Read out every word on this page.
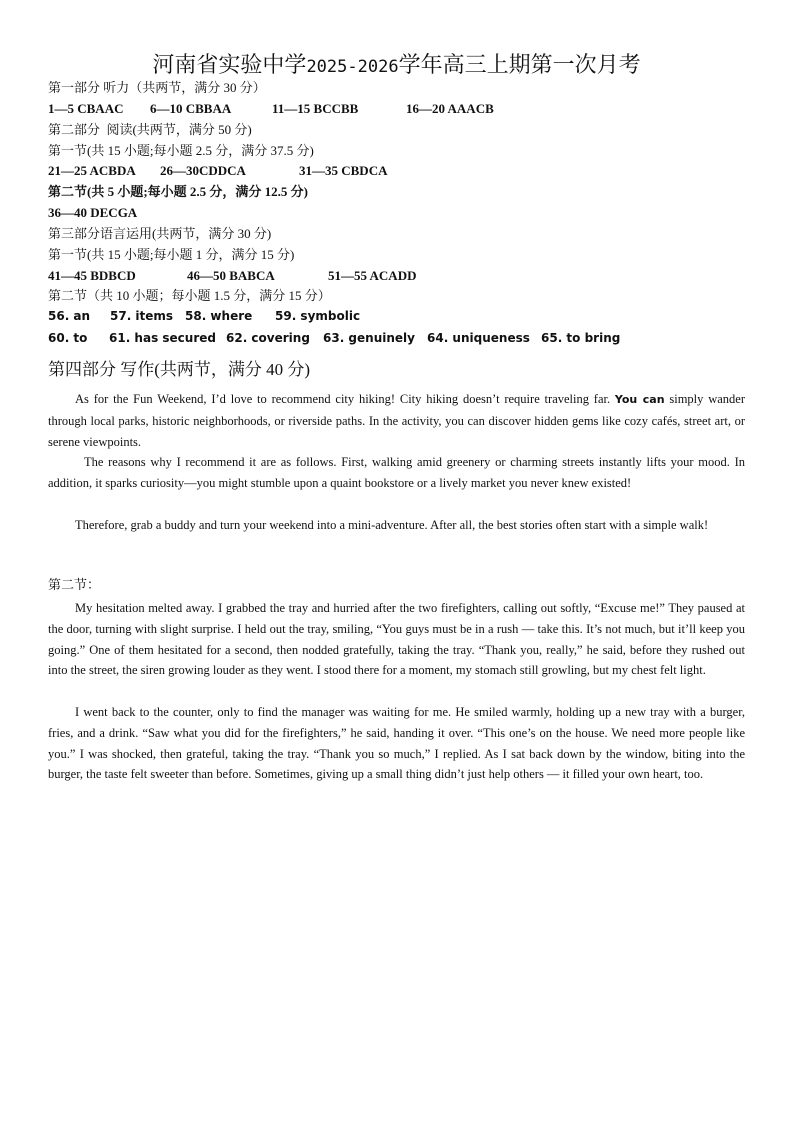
河南省实验中学2025-2026学年高三上期第一次月考
第一部分 听力（共两节，满分 30 分）
1—5 CBAAC 6—10 CBBAA	11—15 BCCBB	16—20 AAACB
第二部分  阅读(共两节，满分 50 分)
第一节(共 15 小题;每小题 2.5 分，满分 37.5 分)
21—25 ACBDA 26—30CDDCA	31—35 CBDCA
第二节(共 5 小题;每小题 2.5 分，满分 12.5 分)
36—40 DECGA
第三部分语言运用(共两节，满分 30 分)
第一节(共 15 小题;每小题 1 分，满分 15 分)
41—45 BDBCD	46—50 BABCA	51—55 ACADD
第二节（共 10 小题；每小题 1.5 分，满分 15 分）
56. an 57. items 58. where 59. symbolic
60. to 61. has secured 62. covering 63. genuinely 64. uniqueness 65. to bring
第四部分 写作(共两节，满分 40 分)

As for the Fun Weekend, I’d love to recommend city hiking! City hiking doesn’t require traveling far. You can simply wander through local parks, historic neighborhoods, or riverside paths. In the activity, you can discover hidden gems like cozy cafés, street art, or serene viewpoints.

The reasons why I recommend it are as follows. First, walking amid greenery or charming streets instantly lifts your mood. In addition, it sparks curiosity—you might stumble upon a quaint bookstore or a lively market you never knew existed!

Therefore, grab a buddy and turn your weekend into a mini-adventure. After all, the best stories often start with a simple walk!

第二节：

My hesitation melted away. I grabbed the tray and hurried after the two firefighters, calling out softly, “Excuse me!” They paused at the door, turning with slight surprise. I held out the tray, smiling, “You guys must be in a rush — take this. It’s not much, but it’ll keep you going.” One of them hesitated for a second, then nodded gratefully, taking the tray. “Thank you, really,” he said, before they rushed out into the street, the siren growing louder as they went. I stood there for a moment, my stomach still growling, but my chest felt light.

I went back to the counter, only to find the manager was waiting for me. He smiled warmly, holding up a new tray with a burger, fries, and a drink. “Saw what you did for the firefighters,” he said, handing it over. “This one’s on the house. We need more people like you.” I was shocked, then grateful, taking the tray. “Thank you so much,” I replied. As I sat back down by the window, biting into the burger, the taste felt sweeter than before. Sometimes, giving up a small thing didn’t just help others — it filled your own heart, too.
